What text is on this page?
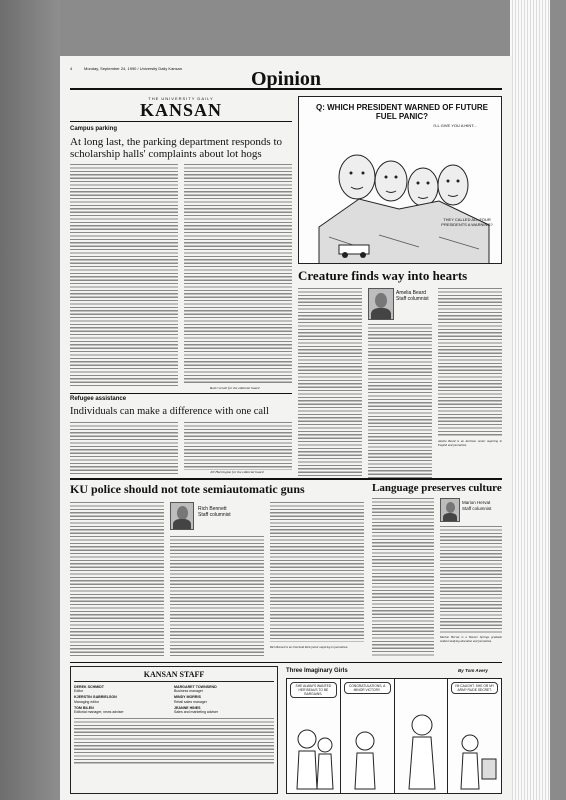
4	Monday, September 24, 1990 / University Daily Kansan	Opinion
THE UNIVERSITY DAILY
KANSAN
Campus parking
At long last, the parking department responds to scholarship halls' complaints about lot hogs
Rod Cornell for the editorial board
Refugee assistance
Individuals can make a difference with one call
Jill Harrington for the editorial board
Q: WHICH PRESIDENT WARNED OF FUTURE FUEL PANIC?
I'LL GIVE YOU A HINT...
THEY CALLED ALL FOUR PRESIDENTS A WARNING?
Creature finds way into hearts
Amelia Beard
Staff columnist
Amelia Beard is an Atchison senior majoring in English and journalism.
KU police should not tote semiautomatic guns
Rich Bennett
Staff columnist
Rich Bennett is an Overland Park junior majoring in journalism.
Language preserves culture
Marion Hervat
Staff columnist
Marion Hervat is a Bonner Springs graduate student studying education and journalism.
KANSAN STAFF
DEREK SCHMIDT
Editor
MARGARET TOWNSEND
Business manager
KJERSTIN GABRIELSON
Managing editor
MINDY MORRIS
Retail sales manager
TOM BILEN
Editorial manager, news adviser
JEANNE HINES
Sales and marketing adviser
Three Imaginary Girls	By Tom Avery
SHE ALWAYS WANTED HER BEAUS TO BE BARGAINS.
CONGRATULATIONS, A MINOR VICTORY.
I'M CAUGHT. SHE OR MY ARM? RUDE SECRET.
